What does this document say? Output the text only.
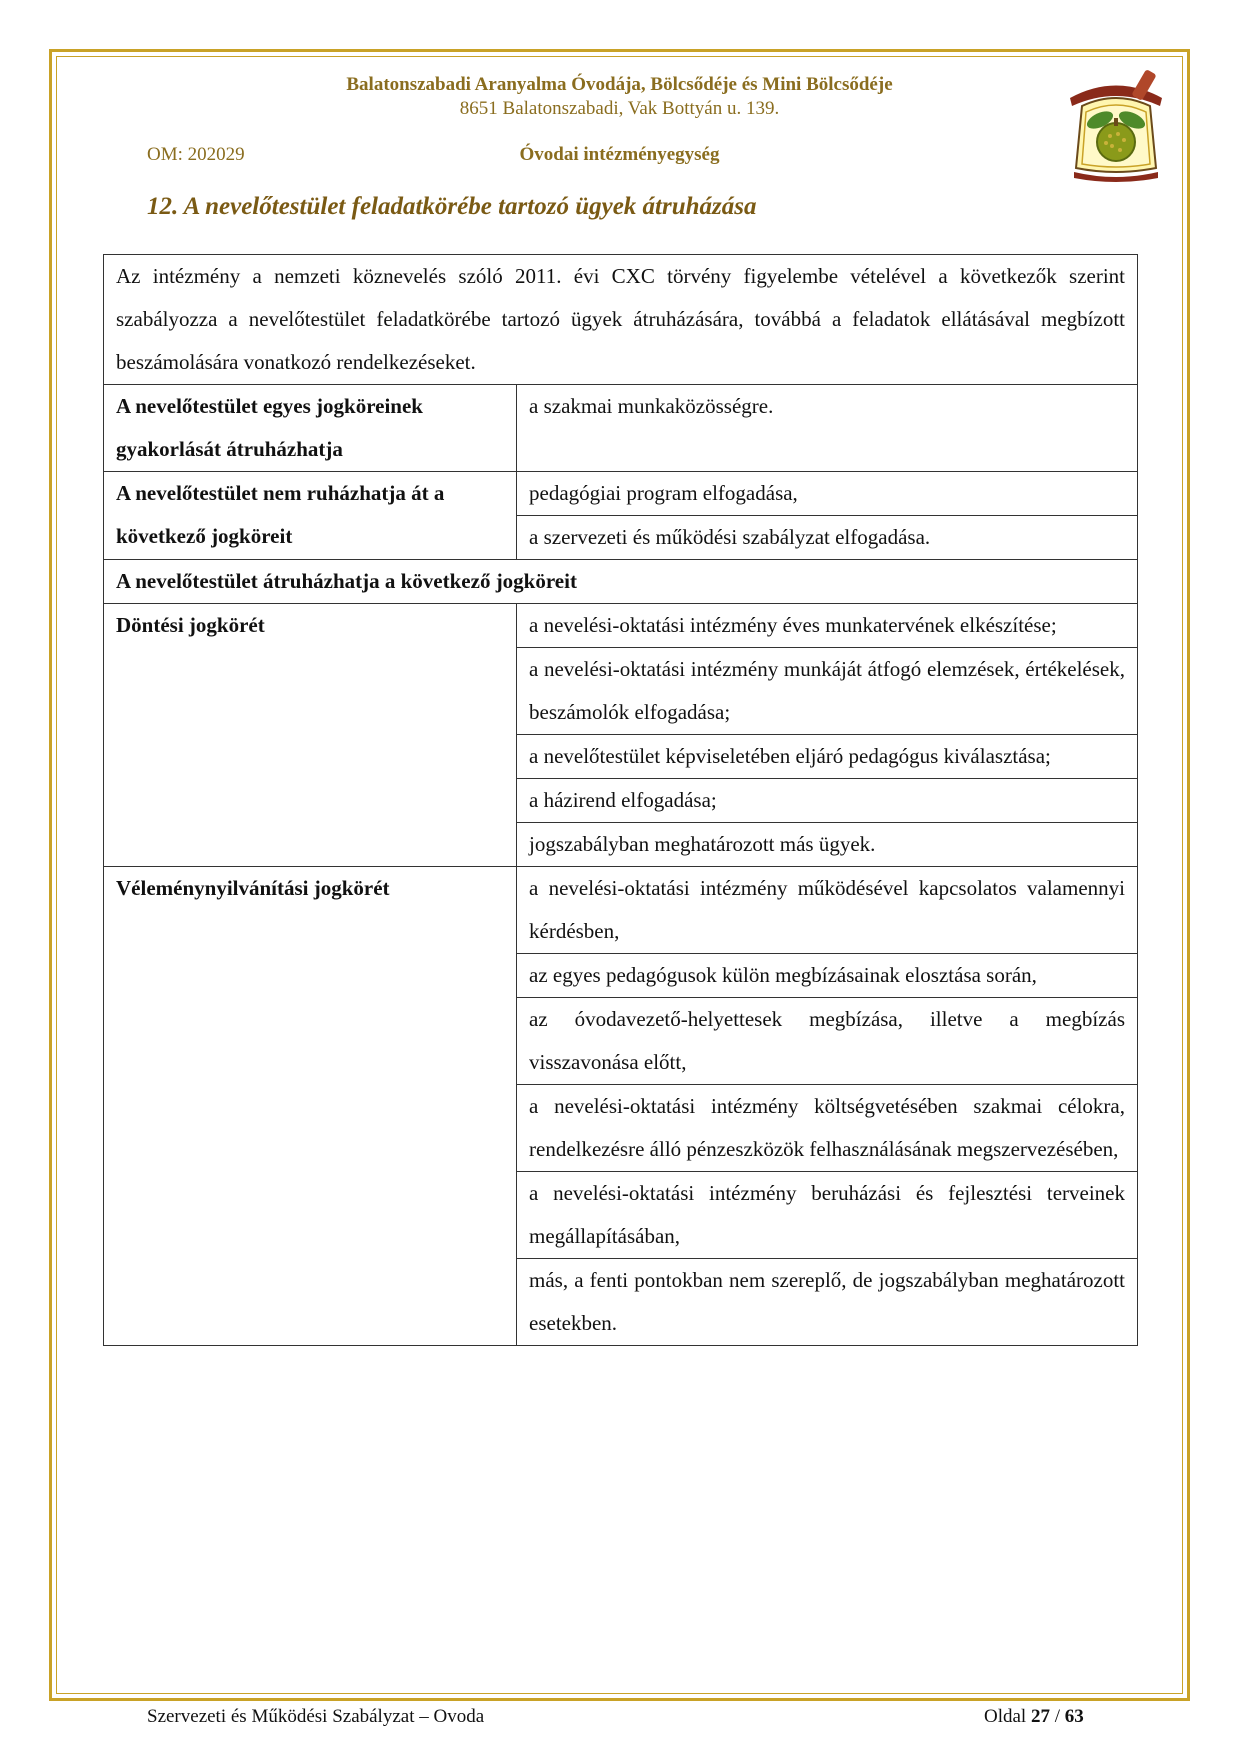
Balatonszabadi Aranyalma Óvodája, Bölcsődéje és Mini Bölcsődéje
8651 Balatonszabadi, Vak Bottyán u. 139.
OM: 202029	Óvodai intézményegység
12. A nevelőtestület feladatkörébe tartozó ügyek átruházása
Az intézmény a nemzeti köznevelés szóló 2011. évi CXC törvény figyelembe vételével a következők szerint szabályozza a nevelőtestület feladatkörébe tartozó ügyek átruházására, továbbá a feladatok ellátásával megbízott beszámolására vonatkozó rendelkezéseket.	
A nevelőtestület egyes jogköreinek gyakorlását átruházhatja	a szakmai munkaközösségre.
A nevelőtestület nem ruházhatja át a következő jogköreit	pedagógiai program elfogadása,
	a szervezeti és működési szabályzat elfogadása.
A nevelőtestület átruházhatja a következő jogköreit	
Döntési jogkörét	a nevelési-oktatási intézmény éves munkatervének elkészítése;
	a nevelési-oktatási intézmény munkáját átfogó elemzések, értékelések, beszámolók elfogadása;
	a nevelőtestület képviseletében eljáró pedagógus kiválasztása;
	a házirend elfogadása;
	jogszabályban meghatározott más ügyek.
Véleménynyilvánítási jogkörét	a nevelési-oktatási intézmény működésével kapcsolatos valamennyi kérdésben,
	az egyes pedagógusok külön megbízásainak elosztása során,
	az óvodavezető-helyettesek megbízása, illetve a megbízás visszavonása előtt,
	a nevelési-oktatási intézmény költségvetésében szakmai célokra, rendelkezésre álló pénzeszközök felhasználásának megszervezésében,
	a nevelési-oktatási intézmény beruházási és fejlesztési terveinek megállapításában,
	más, a fenti pontokban nem szereplő, de jogszabályban meghatározott esetekben.
Szervezeti és Működési Szabályzat – Ovoda	Oldal 27 / 63
